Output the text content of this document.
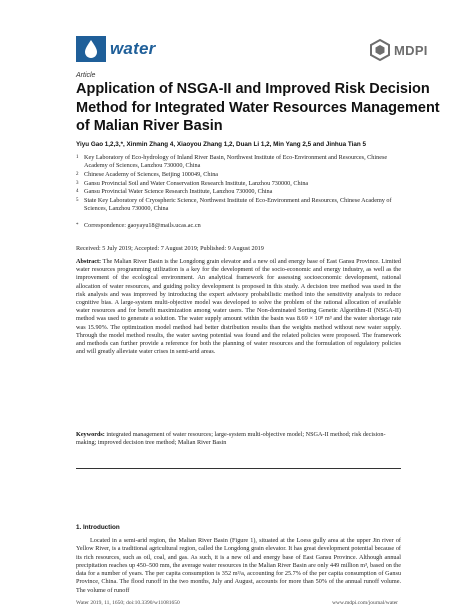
water	MDPI
Article
Application of NSGA-II and Improved Risk Decision
Method for Integrated Water Resources Management
of Malian River Basin
Yiyu Gao 1,2,3,*, Xinmin Zhang 4, Xiaoyou Zhang 1,2, Duan Li 1,2, Min Yang 2,5 and Jinhua Tian 5
1 Key Laboratory of Eco-hydrology of Inland River Basin, Northwest Institute of Eco-Environment and Resources, Chinese Academy of Sciences, Lanzhou 730000, China
2 Chinese Academy of Sciences, Beijing 100049, China
3 Gansu Provincial Soil and Water Conservation Research Institute, Lanzhou 730000, China
4 Gansu Provincial Water Science Research Institute, Lanzhou 730000, China
5 State Key Laboratory of Cryospheric Science, Northwest Institute of Eco-Environment and Resources, Chinese Academy of Sciences, Lanzhou 730000, China
* Correspondence: gaoyayu18@mails.ucas.ac.cn
Received: 5 July 2019; Accepted: 7 August 2019; Published: 9 August 2019
Abstract: The Malian River Basin is the Longdong grain elevator and a new oil and energy base of East Gansu Province. Limited water resources programming utilization is a key for the development of the socio-economic and energy industry, as well as the improvement of the ecological environment. An analytical framework for assessing socioeconomic development, rational allocation of water resources, and guiding policy development is proposed in this study. A decision tree method was used in the risk analysis and was improved by introducing the expert advisory probabilistic method into the sensitivity analysis to reduce cognitive bias. A large-system multi-objective model was developed to solve the problem of the rational allocation of available water resources and for benefit maximization among water users. The Non-dominated Sorting Genetic Algorithm-II (NSGA-II) method was used to generate a solution. The water supply amount within the basin was 8.69 × 10⁸ m³ and the water shortage rate was 15.90%. The optimization model method had better distribution results than the weights method without new water supply. Through the model method results, the water saving potential was found and the related policies were proposed. The framework and methods can further provide a reference for both the planning of water resources and the formulation of regulatory policies and will greatly alleviate water crises in semi-arid areas.
Keywords: integrated management of water resources; large-system multi-objective model; NSGA-II method; risk decision-making; improved decision tree method; Malian River Basin
1. Introduction
Located in a semi-arid region, the Malian River Basin (Figure 1), situated at the Loess gully area at the upper Jin river of Yellow River, is a traditional agricultural region, called the Longdong grain elevator. It has great development potential because of its rich resources, such as oil, coal, and gas. As such, it is a new oil and energy base of East Gansu Province. Although annual precipitation reaches up 450–500 mm, the average water resources in the Malian River Basin are only 449 million m³, based on the data for a number of years. The per capita consumption is 352 m³/a, accounting for 25.7% of the per capita consumption of Gansu Province, China. The flood runoff in the two months, July and August, accounts for more than 50% of the annual runoff volume. The volume of runoff
Water 2019, 11, 1650; doi:10.3390/w11081650	www.mdpi.com/journal/water
